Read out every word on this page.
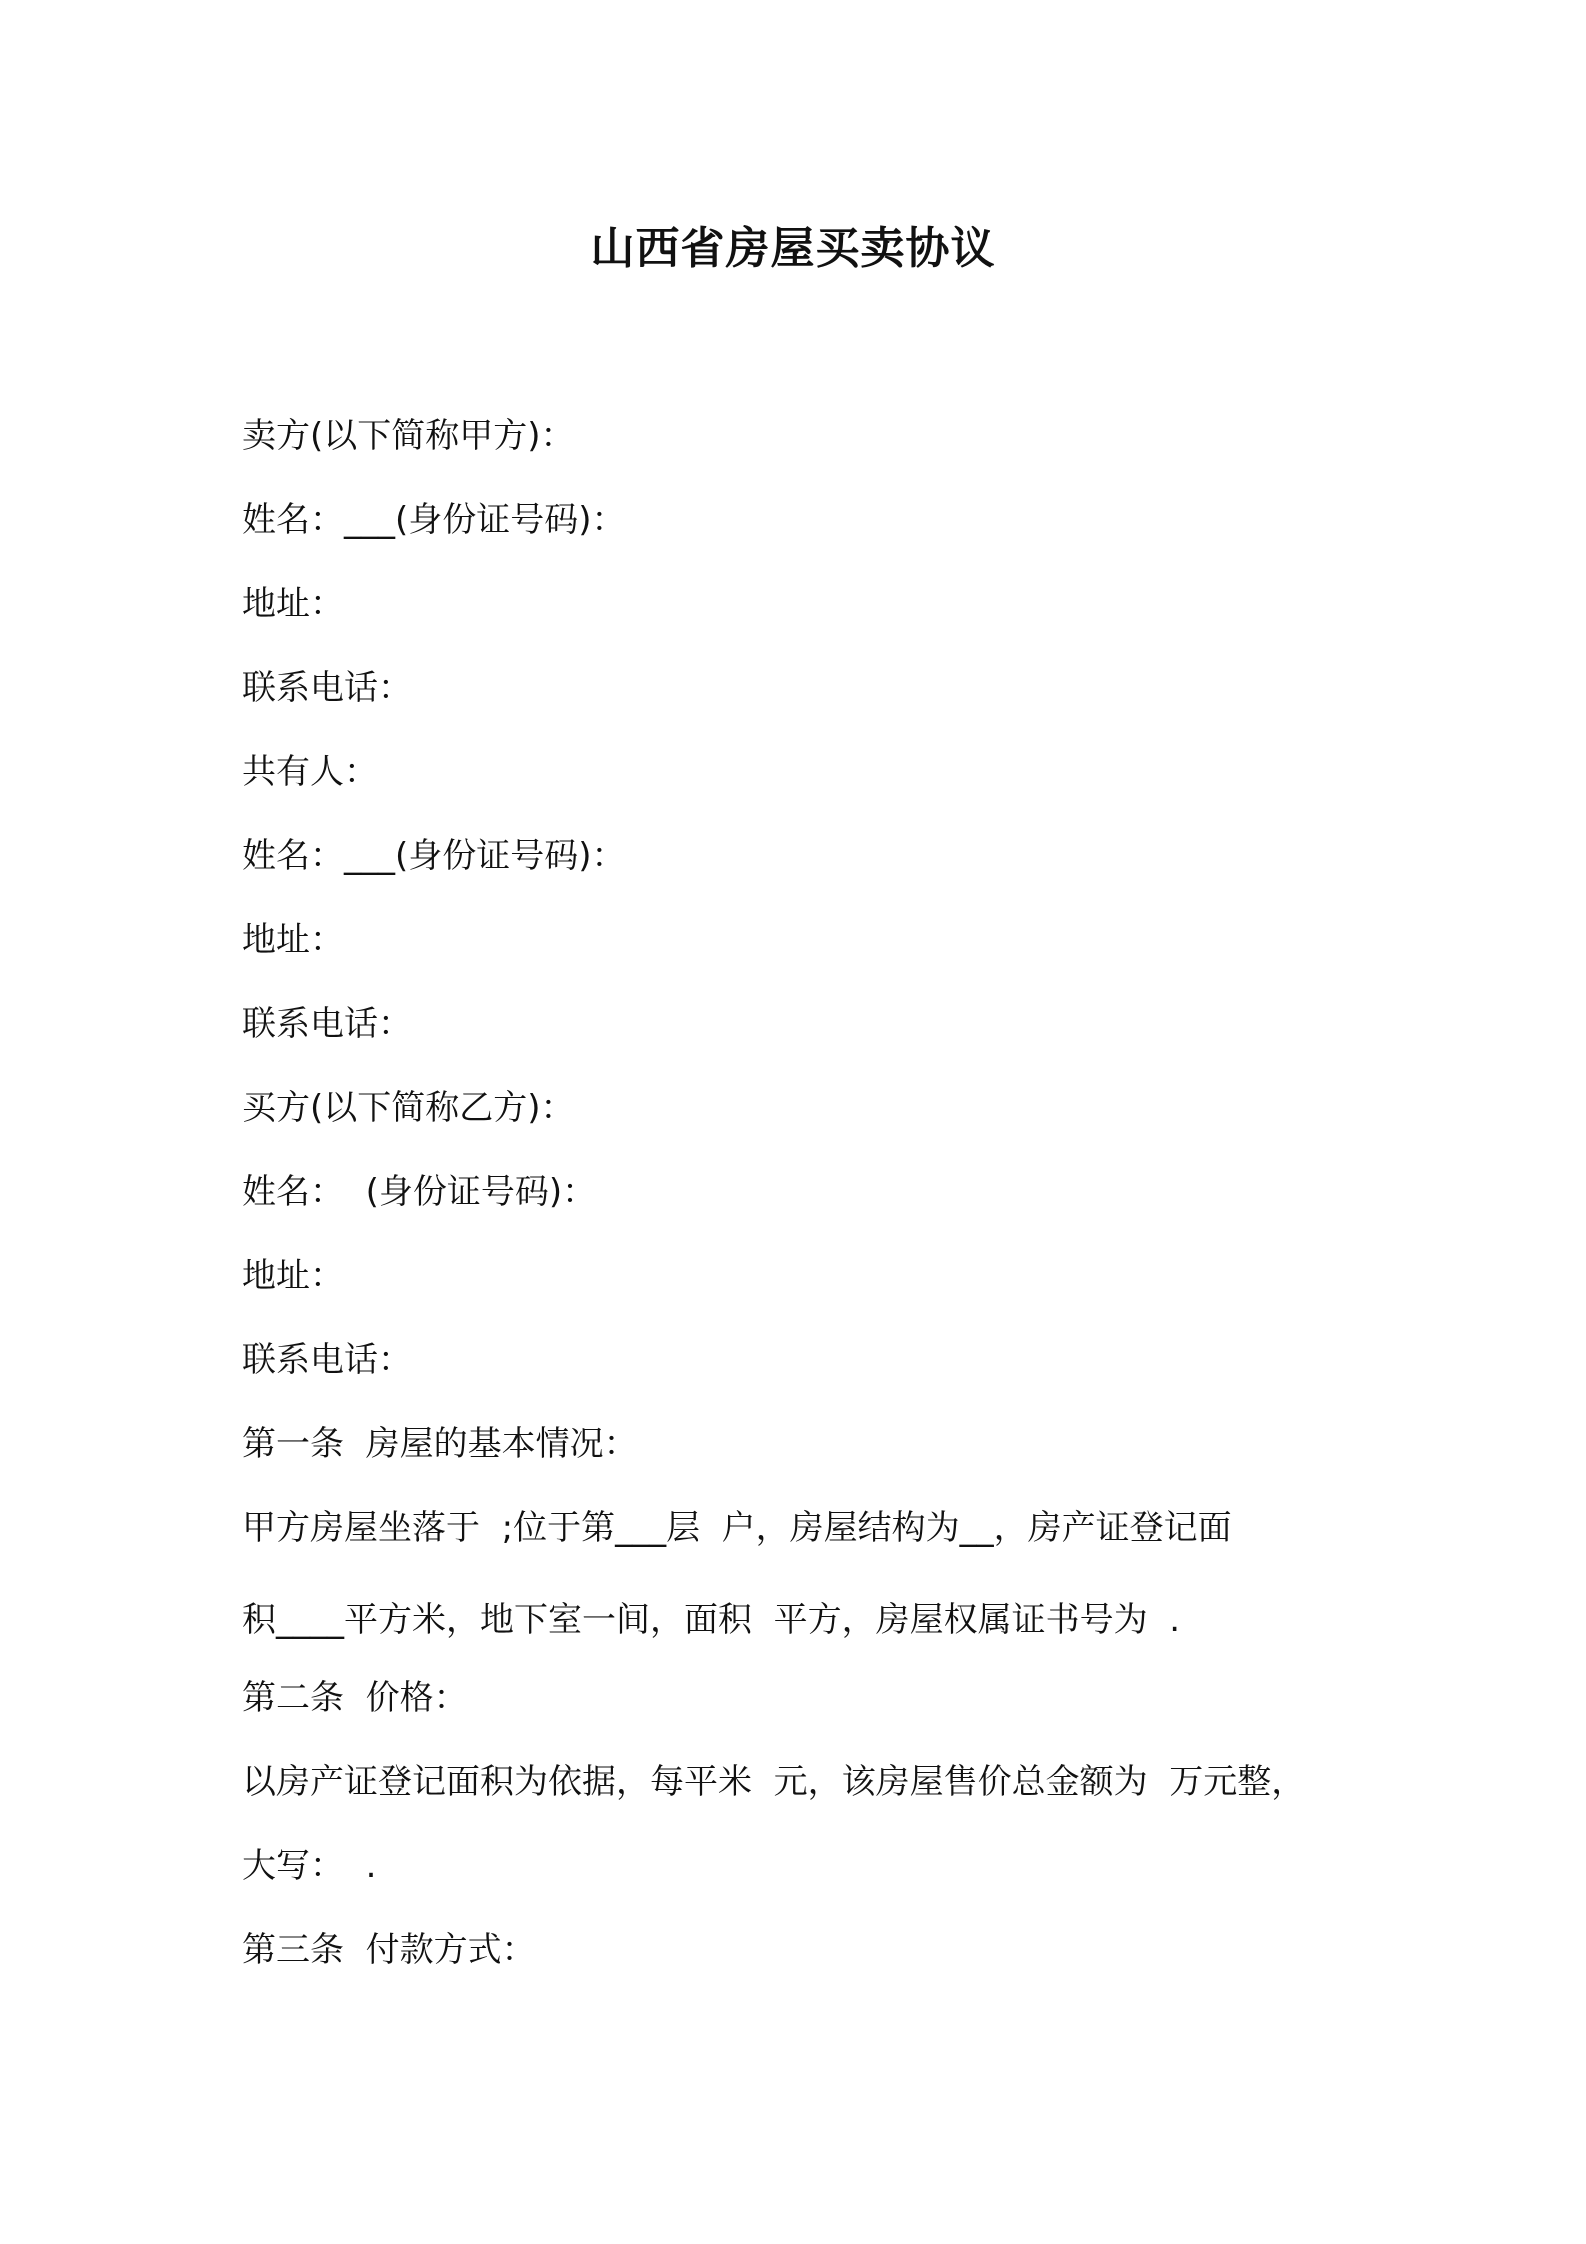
山西省房屋买卖协议
卖方(以下简称甲方)：
姓名：___(身份证号码)：
地址：
联系电话：
共有人：
姓名：___(身份证号码)：
地址：
联系电话：
买方(以下简称乙方)：
姓名：  (身份证号码)：
地址：
联系电话：
第一条  房屋的基本情况：
甲方房屋坐落于  ;位于第___层  户，房屋结构为__，房产证登记面
积____平方米，地下室一间，面积  平方，房屋权属证书号为  .
第二条  价格：
以房产证登记面积为依据，每平米  元，该房屋售价总金额为  万元整，
大写：  .
第三条  付款方式：
